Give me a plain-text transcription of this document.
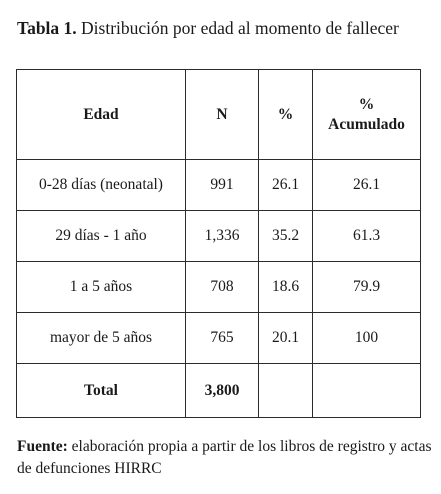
Tabla 1. Distribución por edad al momento de fallecer
Edad	N	%	%
Acumulado
0-28 días (neonatal)	991	26.1	26.1
29 días - 1 año	1,336	35.2	61.3
1 a 5 años	708	18.6	79.9
mayor de 5 años	765	20.1	100
Total	3,800		
Fuente: elaboración propia a partir de los libros de registro y actas de defunciones HIRRC
